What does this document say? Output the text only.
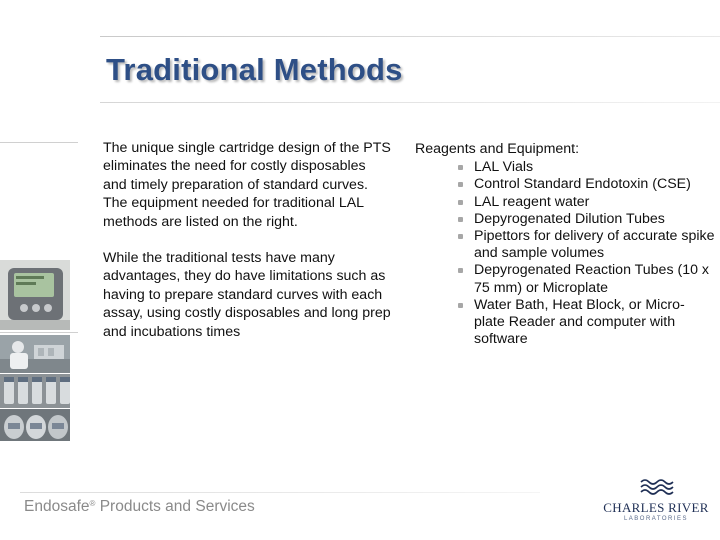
Traditional Methods

The unique single cartridge design of the PTS eliminates the need for costly disposables and timely preparation of standard curves. The equipment needed for traditional LAL methods are listed on the right.

While the traditional tests have many advantages, they do have limitations such as having to prepare standard curves with each assay, using costly disposables and long prep and incubations times

Reagents and Equipment:

LAL Vials
Control Standard Endotoxin (CSE)
LAL reagent water
Depyrogenated Dilution Tubes
Pipettors for delivery of accurate spike and sample volumes
Depyrogenated Reaction Tubes (10 x 75 mm) or Microplate
Water Bath, Heat Block, or Micro-plate Reader and computer with software
Endosafe® Products and Services	CHARLES RIVER
LABORATORIES
